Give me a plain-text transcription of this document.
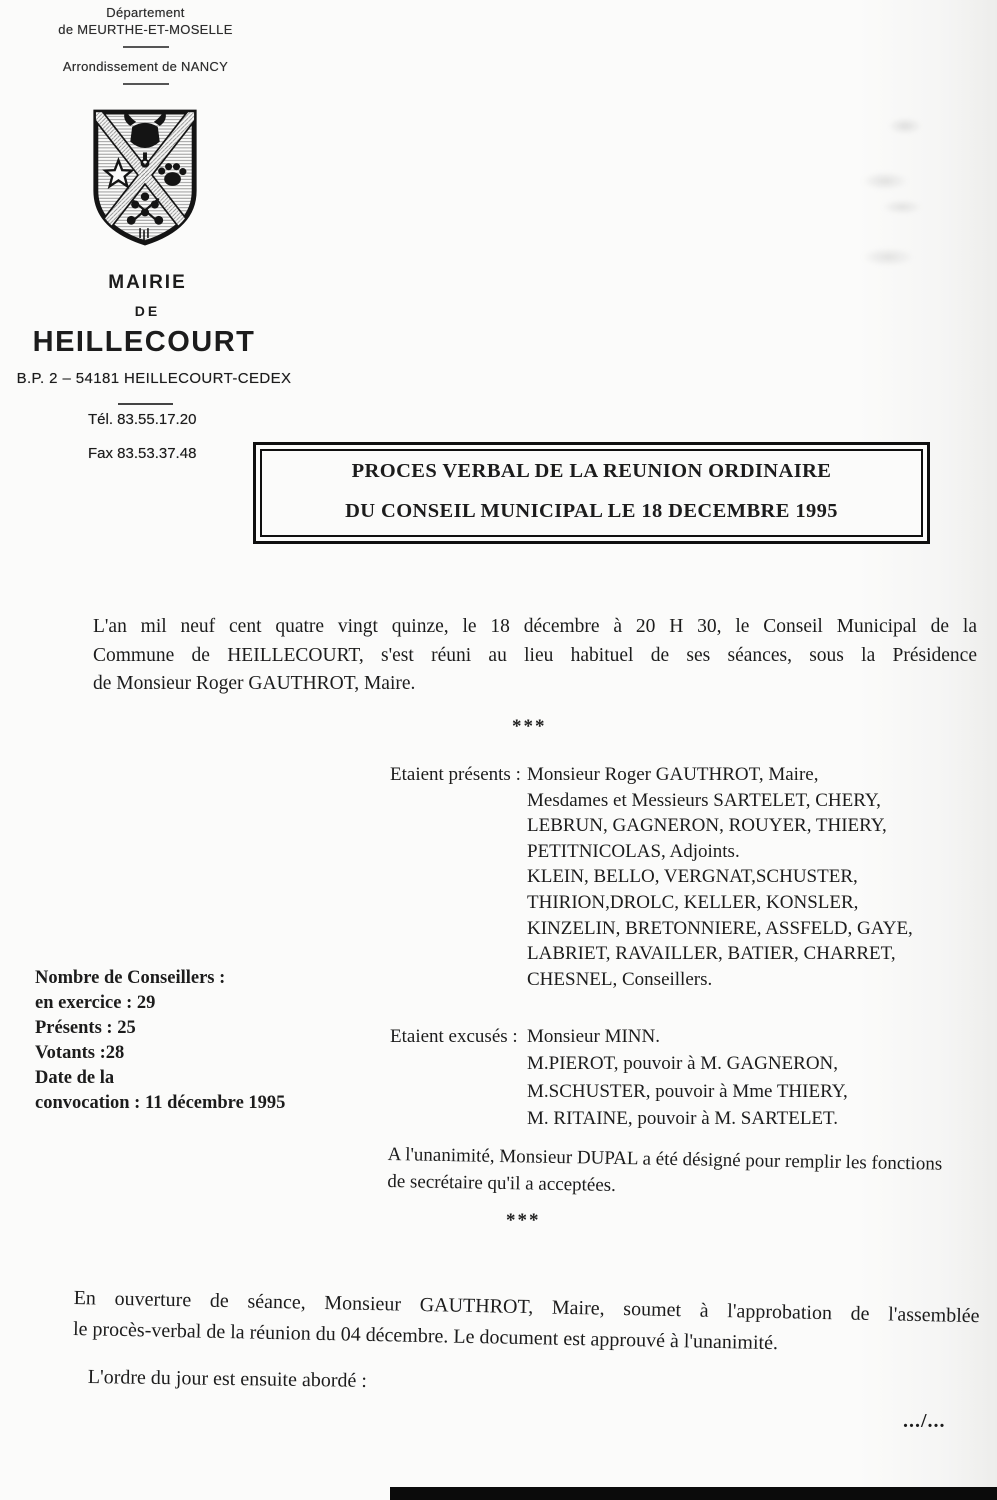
Département
de MEURTHE-ET-MOSELLE
Arrondissement de NANCY
MAIRIE
DE
HEILLECOURT
B.P. 2 – 54181 HEILLECOURT-CEDEX
Tél. 83.55.17.20
Fax 83.53.37.48
PROCES VERBAL DE LA REUNION ORDINAIRE
DU CONSEIL MUNICIPAL LE 18 DECEMBRE 1995
L'an mil neuf cent quatre vingt quinze, le 18 décembre à 20 H 30, le Conseil Municipal de la
Commune de HEILLECOURT, s'est réuni au lieu habituel de ses séances, sous la Présidence
de Monsieur Roger GAUTHROT, Maire.
***
Etaient présents : Monsieur Roger GAUTHROT, Maire,
Mesdames et Messieurs SARTELET, CHERY,
LEBRUN, GAGNERON, ROUYER, THIERY,
PETITNICOLAS, Adjoints.
KLEIN, BELLO, VERGNAT,SCHUSTER,
THIRION,DROLC, KELLER, KONSLER,
KINZELIN, BRETONNIERE, ASSFELD, GAYE,
LABRIET, RAVAILLER, BATIER, CHARRET,
CHESNEL, Conseillers.
Nombre de Conseillers :
en exercice : 29
Présents : 25
Votants :28
Date de la
convocation : 11 décembre 1995
Etaient excusés : Monsieur MINN.
M.PIEROT, pouvoir à M. GAGNERON,
M.SCHUSTER, pouvoir à Mme THIERY,
M. RITAINE, pouvoir à M. SARTELET.
A l'unanimité, Monsieur DUPAL a été désigné pour remplir les fonctions
de secrétaire qu'il a acceptées.
***
En ouverture de séance, Monsieur GAUTHROT, Maire, soumet à l'approbation de l'assemblée
le procès-verbal de la réunion du 04 décembre. Le document est approuvé à l'unanimité.
L'ordre du jour est ensuite abordé :
.../...
